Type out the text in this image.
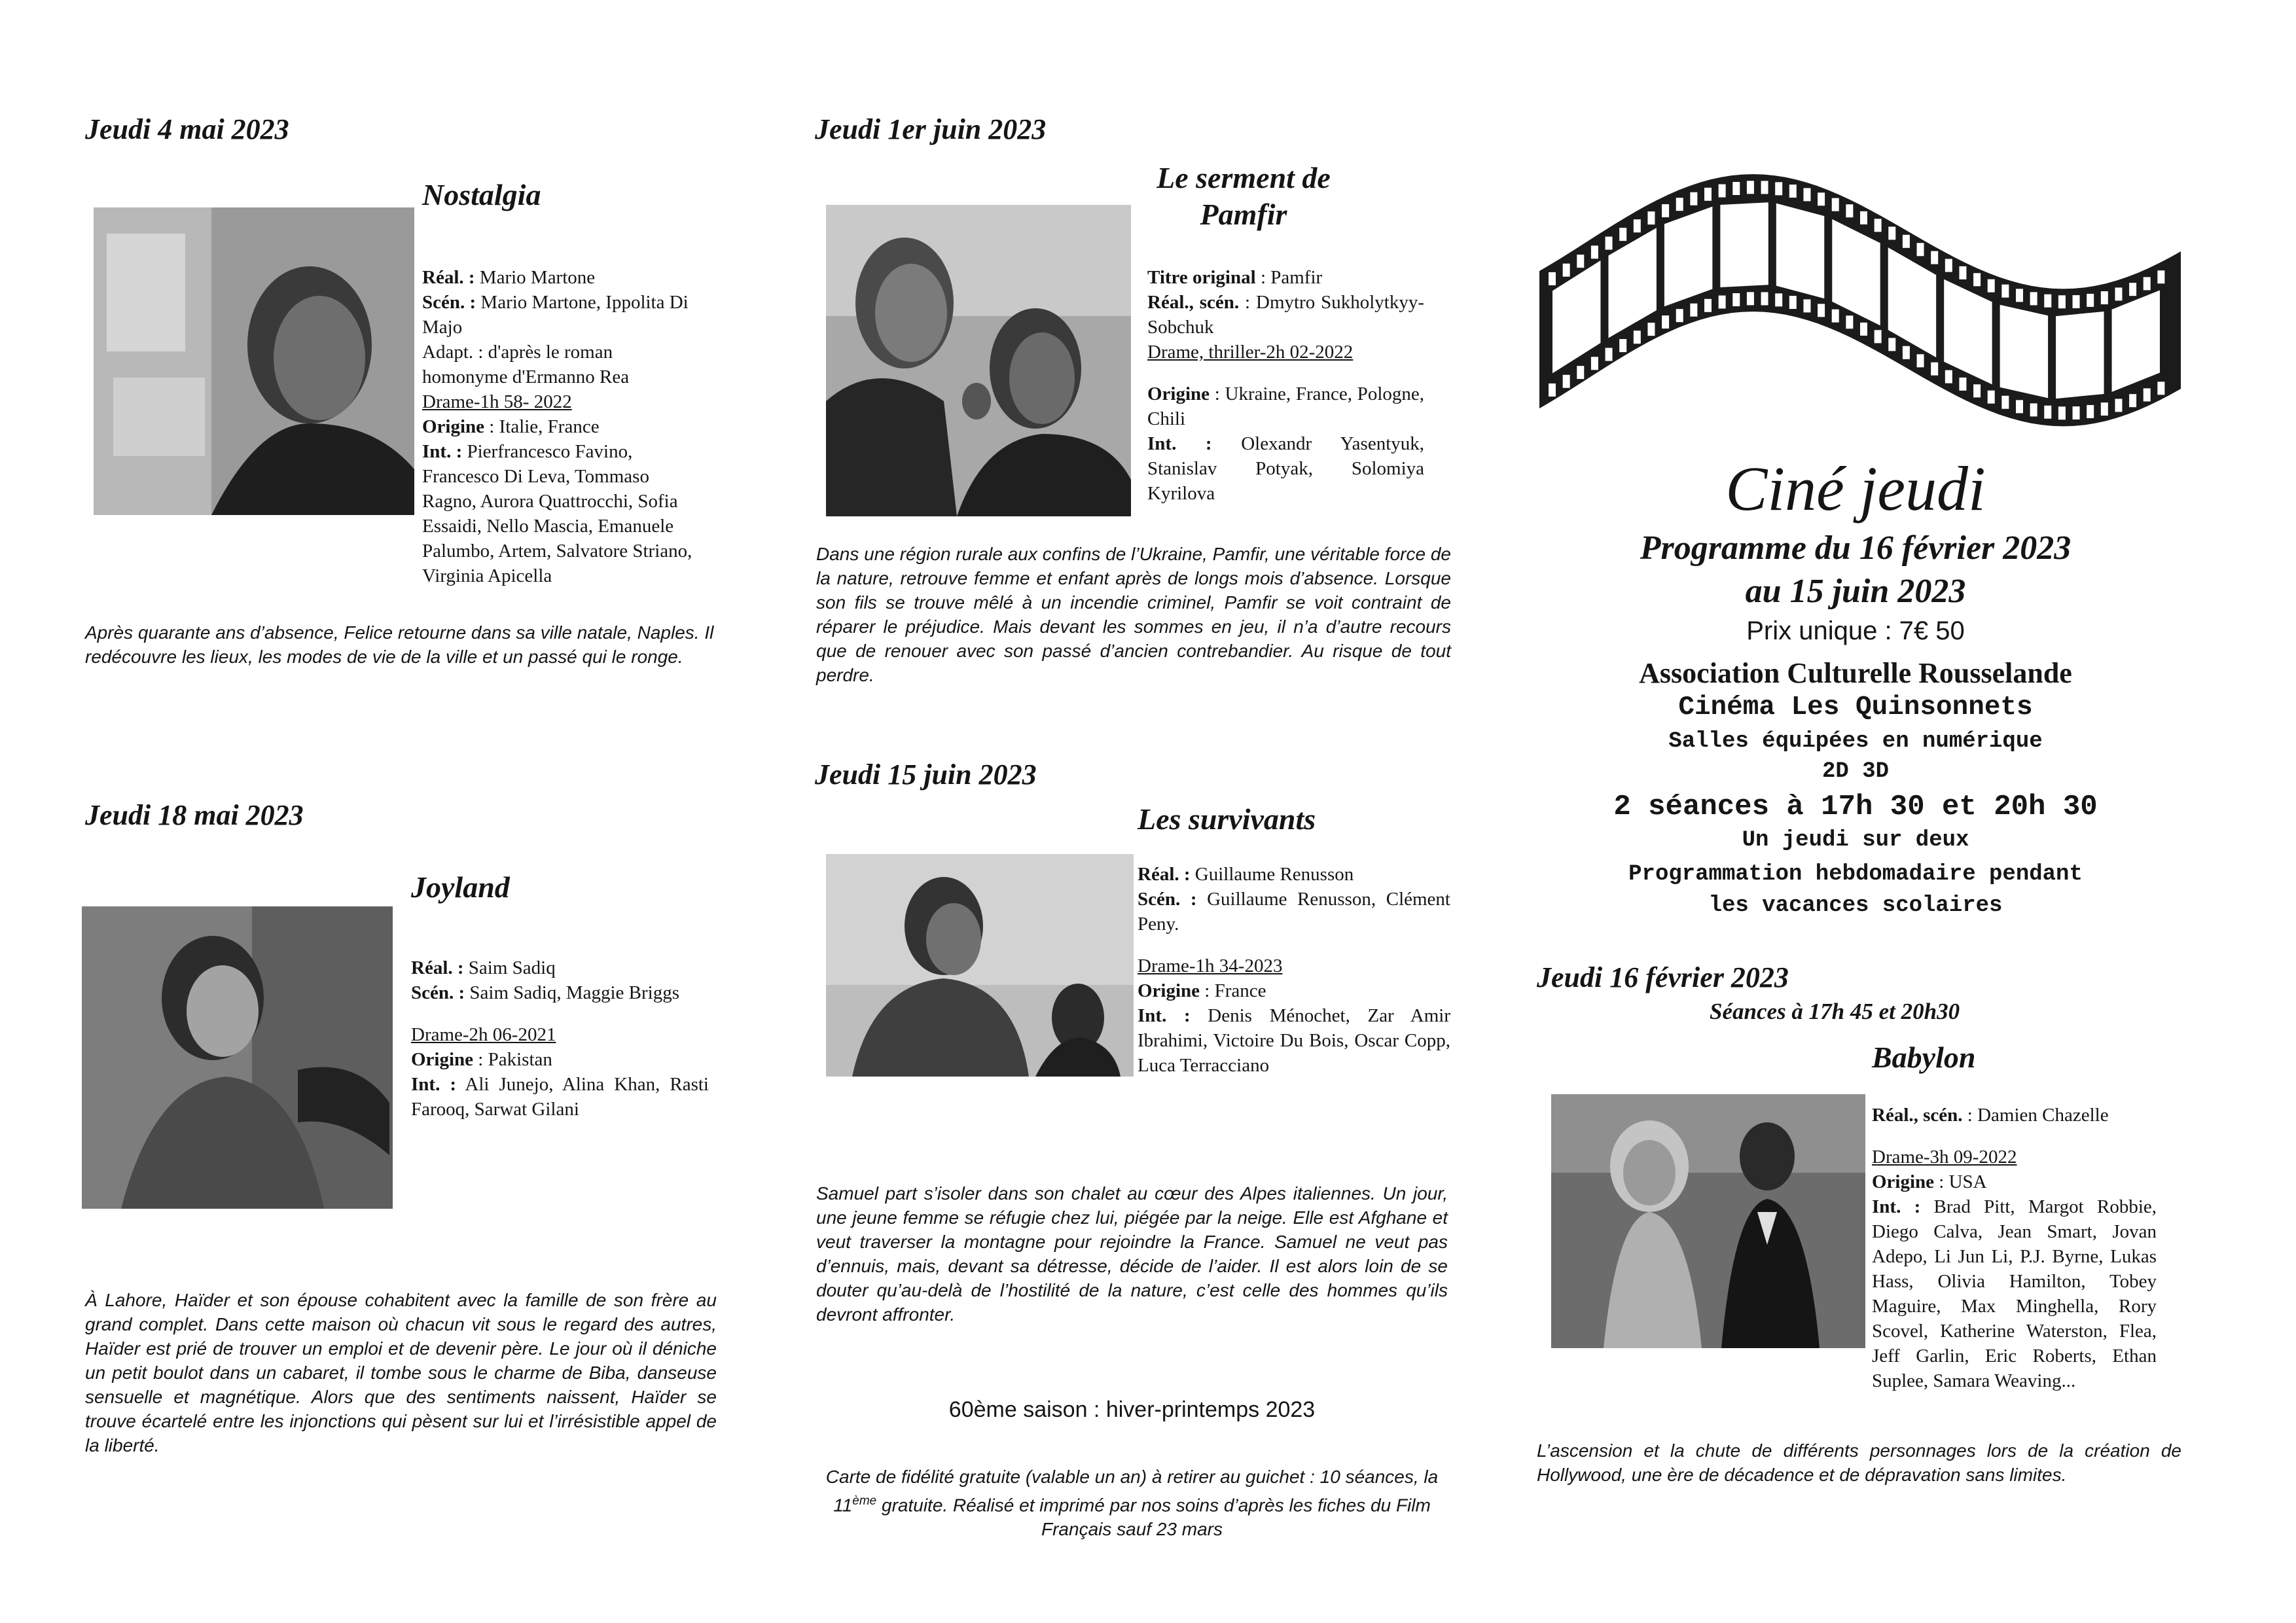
Jeudi 4 mai 2023
Nostalgia
Réal. : Mario Martone
Scén. : Mario Martone, Ippolita Di Majo
Adapt. : d'après le roman homonyme d'Ermanno Rea
Drame-1h 58- 2022
Origine : Italie, France
Int. : Pierfrancesco Favino, Francesco Di Leva, Tommaso Ragno, Aurora Quattrocchi, Sofia Essaidi, Nello Mascia, Emanuele Palumbo, Artem, Salvatore Striano, Virginia Apicella
Après quarante ans d’absence, Felice retourne dans sa ville natale, Naples. Il redécouvre les lieux, les modes de vie de la ville et un passé qui le ronge.
Jeudi 18 mai 2023
Joyland
Réal. : Saim Sadiq
Scén. : Saim Sadiq, Maggie Briggs
Drame-2h 06-2021
Origine : Pakistan
Int. : Ali Junejo, Alina Khan, Rasti Farooq, Sarwat Gilani
À Lahore, Haïder et son épouse cohabitent avec la famille de son frère au grand complet. Dans cette maison où chacun vit sous le regard des autres, Haïder est prié de trouver un emploi et de devenir père. Le jour où il déniche un petit boulot dans un cabaret, il tombe sous le charme de Biba, danseuse sensuelle et magnétique. Alors que des sentiments naissent, Haïder se trouve écartelé entre les injonctions qui pèsent sur lui et l’irrésistible appel de la liberté.
Jeudi 1er juin 2023
Le serment de
Pamfir
Titre original : Pamfir
Réal., scén. : Dmytro Sukholytkyy-Sobchuk
Drame, thriller-2h 02-2022
Origine : Ukraine, France, Pologne, Chili
Int. : Olexandr Yasentyuk, Stanislav Potyak, Solomiya Kyrilova
Dans une région rurale aux confins de l’Ukraine, Pamfir, une véritable force de la nature, retrouve femme et enfant après de longs mois d’absence. Lorsque son fils se trouve mêlé à un incendie criminel, Pamfir se voit contraint de réparer le préjudice. Mais devant les sommes en jeu, il n’a d’autre recours que de renouer avec son passé d’ancien contrebandier. Au risque de tout perdre.
Jeudi 15 juin 2023
Les survivants
Réal. : Guillaume Renusson
Scén. : Guillaume Renusson, Clément Peny.
Drame-1h 34-2023
Origine : France
Int. : Denis Ménochet, Zar Amir Ibrahimi, Victoire Du Bois, Oscar Copp, Luca Terracciano
Samuel part s’isoler dans son chalet au cœur des Alpes italiennes. Un jour, une jeune femme se réfugie chez lui, piégée par la neige. Elle est Afghane et veut traverser la montagne pour rejoindre la France. Samuel ne veut pas d’ennuis, mais, devant sa détresse, décide de l’aider. Il est alors loin de se douter qu’au-delà de l’hostilité de la nature, c’est celle des hommes qu’ils devront affronter.
60ème saison : hiver-printemps 2023
Carte de fidélité gratuite (valable un an) à retirer au guichet : 10 séances, la 11ème gratuite. Réalisé et imprimé par nos soins d’après les fiches du Film Français sauf 23 mars
Ciné jeudi
Programme du 16 février 2023
au 15 juin 2023
Prix unique : 7€ 50
Association Culturelle Rousselande
Cinéma Les Quinsonnets
Salles équipées en numérique
2D 3D
2 séances à 17h 30 et 20h 30
Un jeudi sur deux
Programmation hebdomadaire pendant
les vacances scolaires
Jeudi 16 février 2023
Séances à 17h 45 et 20h30
Babylon
Réal., scén. : Damien Chazelle
Drame-3h 09-2022
Origine : USA
Int. : Brad Pitt, Margot Robbie, Diego Calva, Jean Smart, Jovan Adepo, Li Jun Li, P.J. Byrne, Lukas Hass, Olivia Hamilton, Tobey Maguire, Max Minghella, Rory Scovel, Katherine Waterston, Flea, Jeff Garlin, Eric Roberts, Ethan Suplee, Samara Weaving...
L’ascension et la chute de différents personnages lors de la création de Hollywood, une ère de décadence et de dépravation sans limites.
